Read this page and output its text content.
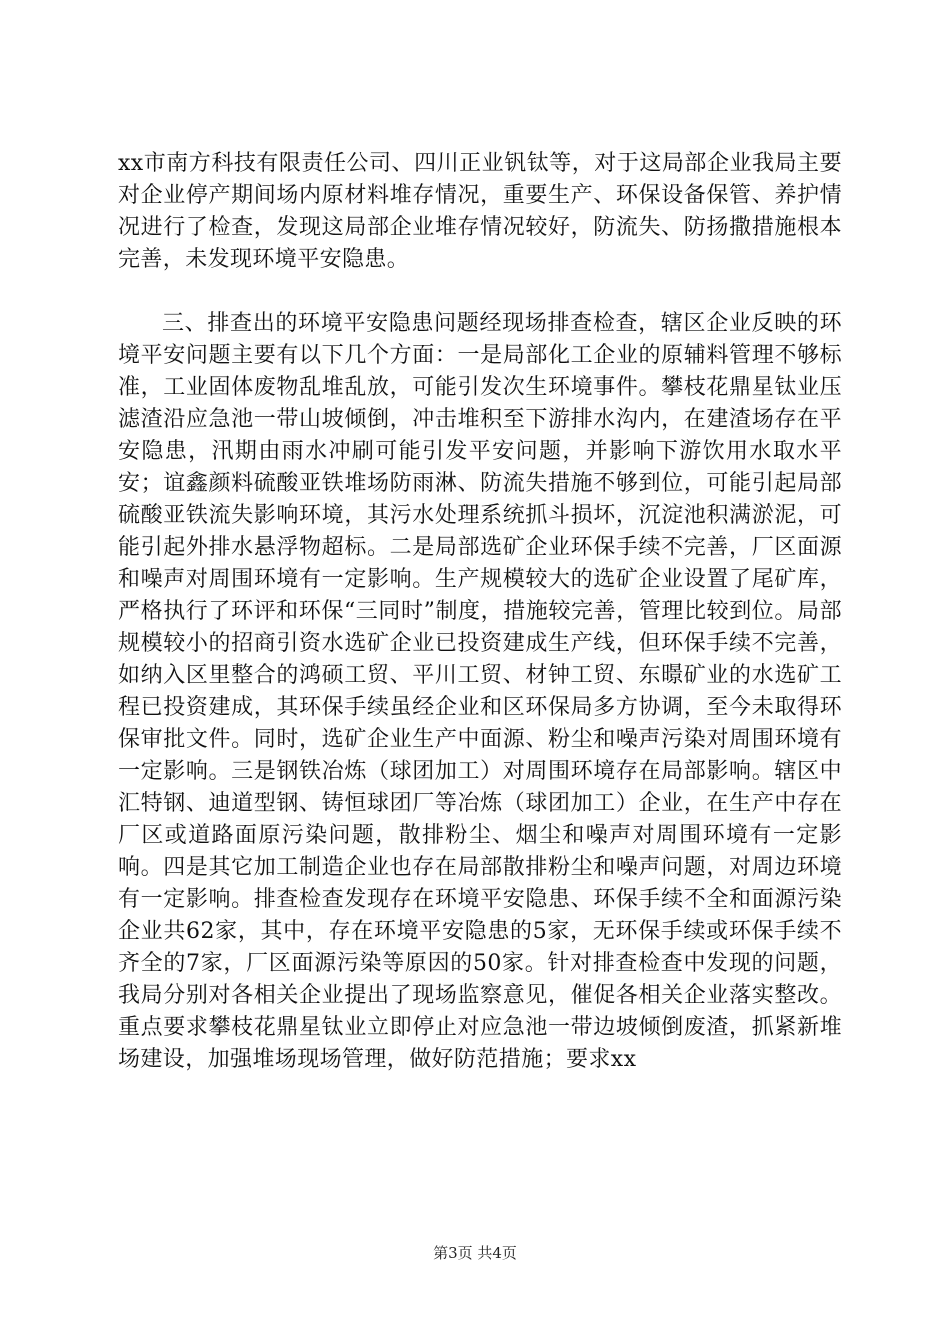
xx市南方科技有限责任公司、四川正业钒钛等，对于这局部企业我局主要对企业停产期间场内原材料堆存情况，重要生产、环保设备保管、养护情况进行了检查，发现这局部企业堆存情况较好，防流失、防扬撒措施根本完善，未发现环境平安隐患。

三、排查出的环境平安隐患问题经现场排查检查，辖区企业反映的环境平安问题主要有以下几个方面：一是局部化工企业的原辅料管理不够标准，工业固体废物乱堆乱放，可能引发次生环境事件。攀枝花鼎星钛业压滤渣沿应急池一带山坡倾倒，冲击堆积至下游排水沟内，在建渣场存在平安隐患，汛期由雨水冲刷可能引发平安问题，并影响下游饮用水取水平安；谊鑫颜料硫酸亚铁堆场防雨淋、防流失措施不够到位，可能引起局部硫酸亚铁流失影响环境，其污水处理系统抓斗损坏，沉淀池积满淤泥，可能引起外排水悬浮物超标。二是局部选矿企业环保手续不完善，厂区面源和噪声对周围环境有一定影响。生产规模较大的选矿企业设置了尾矿库，严格执行了环评和环保“三同时”制度，措施较完善，管理比较到位。局部规模较小的招商引资水选矿企业已投资建成生产线，但环保手续不完善，如纳入区里整合的鸿硕工贸、平川工贸、材钟工贸、东暻矿业的水选矿工程已投资建成，其环保手续虽经企业和区环保局多方协调，至今未取得环保审批文件。同时，选矿企业生产中面源、粉尘和噪声污染对周围环境有一定影响。三是钢铁冶炼（球团加工）对周围环境存在局部影响。辖区中汇特钢、迪道型钢、铸恒球团厂等冶炼（球团加工）企业，在生产中存在厂区或道路面原污染问题，散排粉尘、烟尘和噪声对周围环境有一定影响。四是其它加工制造企业也存在局部散排粉尘和噪声问题，对周边环境有一定影响。排查检查发现存在环境平安隐患、环保手续不全和面源污染企业共62家，其中，存在环境平安隐患的5家，无环保手续或环保手续不齐全的7家，厂区面源污染等原因的50家。针对排查检查中发现的问题，我局分别对各相关企业提出了现场监察意见，催促各相关企业落实整改。重点要求攀枝花鼎星钛业立即停止对应急池一带边坡倾倒废渣，抓紧新堆场建设，加强堆场现场管理，做好防范措施；要求xx

第3页 共4页
